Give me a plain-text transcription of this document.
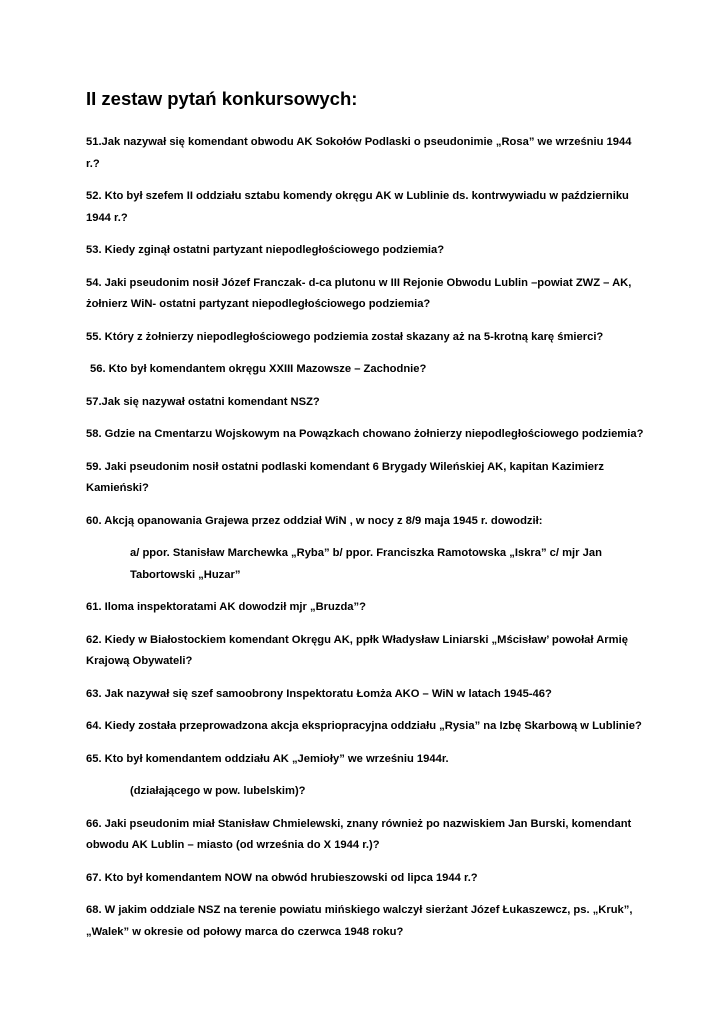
II zestaw pytań konkursowych:

51.Jak nazywał się komendant obwodu AK Sokołów Podlaski o pseudonimie „Rosa” we wrześniu 1944 r.?

52. Kto był szefem II oddziału sztabu komendy okręgu AK w Lublinie ds. kontrwywiadu w październiku 1944 r.?

53. Kiedy zginął ostatni partyzant niepodległościowego podziemia?

54. Jaki pseudonim nosił Józef Franczak- d-ca plutonu w III Rejonie Obwodu Lublin –powiat ZWZ – AK, żołnierz WiN- ostatni partyzant niepodległościowego podziemia?

55. Który z żołnierzy niepodległościowego podziemia został skazany aż na 5-krotną karę śmierci?

56. Kto był komendantem okręgu XXIII Mazowsze – Zachodnie?

57.Jak się nazywał ostatni komendant NSZ?

58. Gdzie na Cmentarzu Wojskowym na Powązkach chowano żołnierzy niepodległościowego podziemia?

59. Jaki pseudonim nosił ostatni podlaski komendant 6 Brygady Wileńskiej AK, kapitan Kazimierz Kamieński?

60. Akcją opanowania Grajewa przez oddział WiN , w nocy z 8/9 maja 1945 r. dowodził:

a/ ppor. Stanisław Marchewka „Ryba” b/ ppor. Franciszka Ramotowska „Iskra” c/ mjr Jan Tabortowski „Huzar”

61. Iloma inspektoratami AK dowodził mjr „Bruzda”?

62. Kiedy w Białostockiem komendant Okręgu AK, ppłk Władysław Liniarski „Mścisław’ powołał Armię Krajową Obywateli?

63. Jak nazywał się szef samoobrony Inspektoratu Łomża AKO – WiN w latach 1945-46?

64. Kiedy została przeprowadzona akcja ekspriopracyjna oddziału „Rysia” na Izbę Skarbową w Lublinie?

65. Kto był komendantem oddziału AK „Jemioły” we wrześniu 1944r.

(działającego w pow. lubelskim)?

66. Jaki pseudonim miał Stanisław Chmielewski, znany również po nazwiskiem Jan Burski, komendant obwodu AK Lublin – miasto (od września do X 1944 r.)?

67. Kto był komendantem NOW na obwód hrubieszowski od lipca 1944 r.?

68. W jakim oddziale NSZ na terenie powiatu mińskiego walczył sierżant Józef Łukaszewcz, ps. „Kruk”, „Walek” w okresie od połowy marca do czerwca 1948 roku?
